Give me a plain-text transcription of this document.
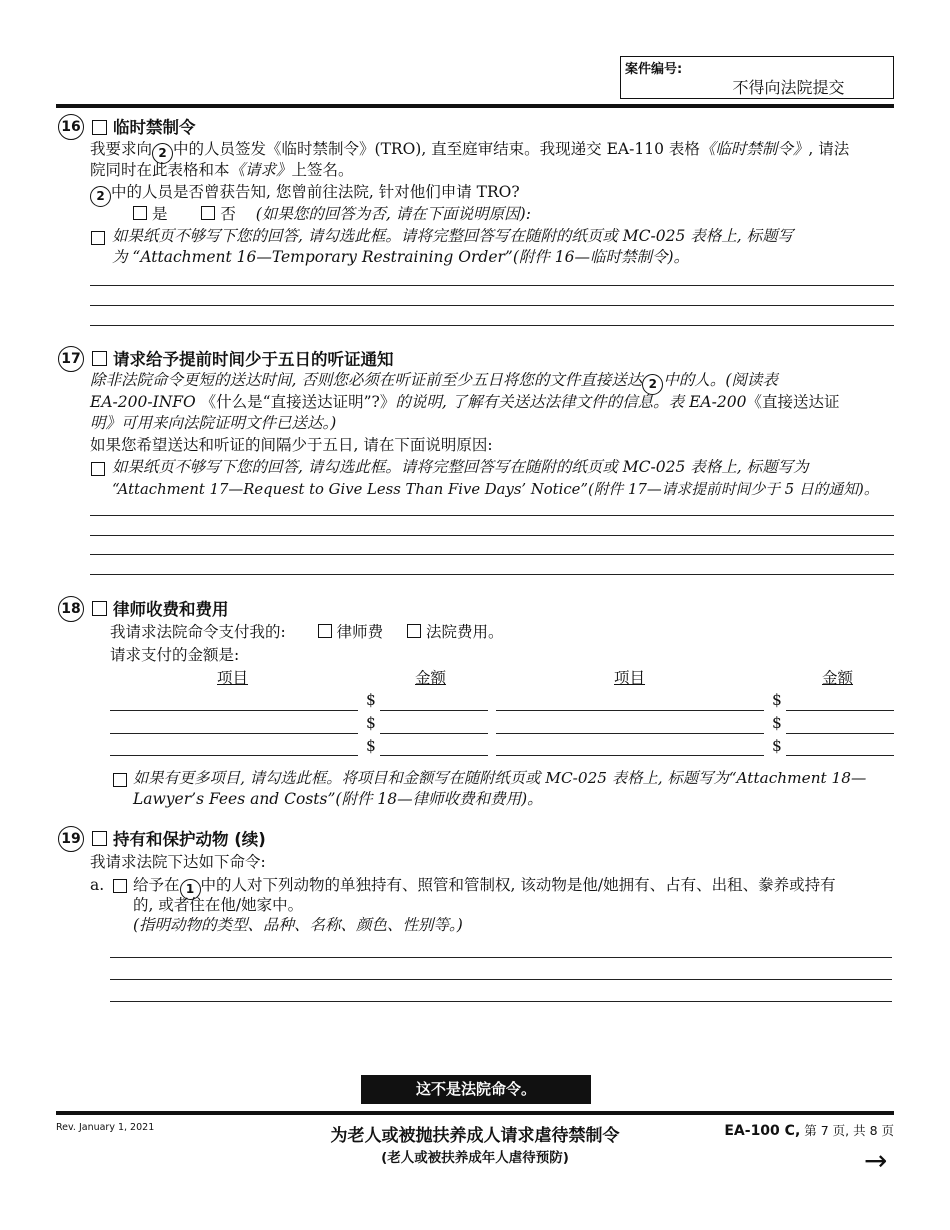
案件编号:
不得向法院提交
16 临时禁制令
我要求向 2 中的人员签发《临时禁制令》(TRO), 直至庭审结束。我现递交 EA-110 表格《临时禁制令》, 请法
院同时在此表格和本《请求》上签名。
2 中的人员是否曾获告知, 您曾前往法院, 针对他们申请 TRO?
是	否 (如果您的回答为否, 请在下面说明原因):
如果纸页不够写下您的回答, 请勾选此框。请将完整回答写在随附的纸页或 MC-025 表格上, 标题写
为 “Attachment 16—Temporary Restraining Order”(附件 16—临时禁制令)。
17 请求给予提前时间少于五日的听证通知
除非法院命令更短的送达时间, 否则您必须在听证前至少五日将您的文件直接送达 2 中的人。(阅读表
EA-200-INFO 《什么是“直接送达证明”?》的说明, 了解有关送达法律文件的信息。表 EA-200《直接送达证
明》可用来向法院证明文件已送达。)
如果您希望送达和听证的间隔少于五日, 请在下面说明原因:
如果纸页不够写下您的回答, 请勾选此框。请将完整回答写在随附的纸页或 MC-025 表格上, 标题写为
“Attachment 17—Request to Give Less Than Five Days’ Notice”(附件 17—请求提前时间少于 5 日的通知)。
18 律师收费和费用
我请求法院命令支付我的:	律师费	法院费用。
请求支付的金额是:
项目	金额	项目	金额
$	$
$	$
$	$
如果有更多项目, 请勾选此框。将项目和金额写在随附纸页或 MC-025 表格上, 标题写为“Attachment 18—
Lawyer’s Fees and Costs”(附件 18—律师收费和费用)。
19 持有和保护动物 (续)
我请求法院下达如下命令:
a. 给予在 1 中的人对下列动物的单独持有、照管和管制权, 该动物是他/她拥有、占有、出租、豢养或持有
的, 或者住在他/她家中。
(指明动物的类型、品种、名称、颜色、性别等。)
这不是法院命令。
Rev. January 1, 2021	为老人或被抛扶养成人请求虐待禁制令
(老人或被扶养成年人虐待预防)
EA-100 C, 第 7 页, 共 8 页
→
